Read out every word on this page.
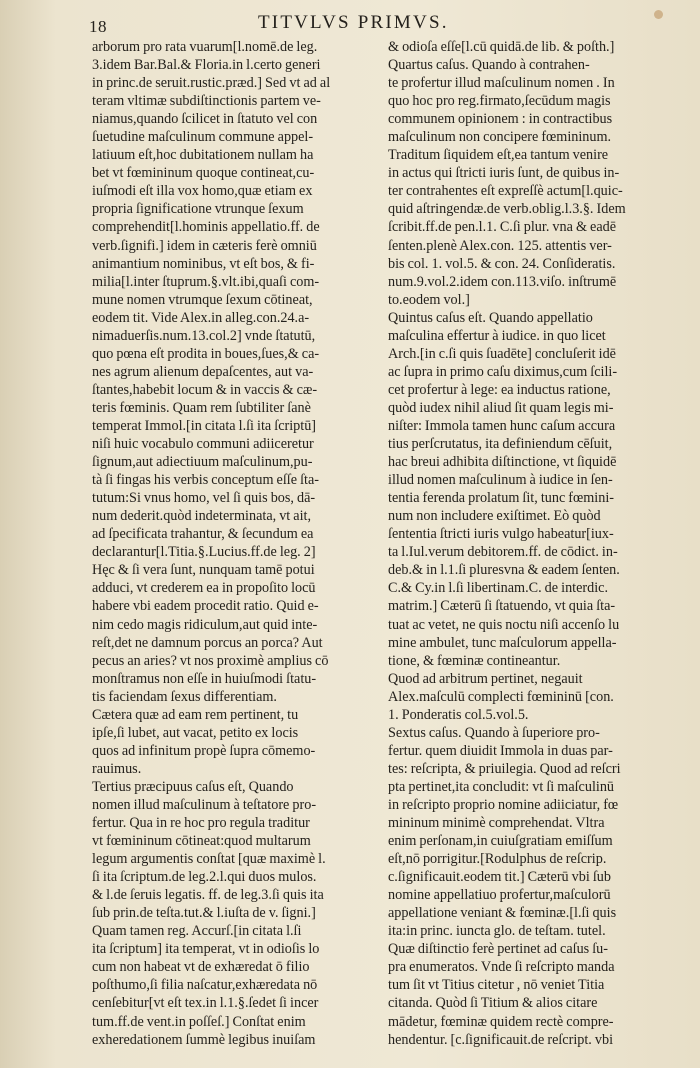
18	TITVLVS PRIMVS.

arborum pro rata vuarum[l.nomē.de leg.
3.idem Bar.Bal.& Floria.in l.certo generi
in princ.de seruit.rustic.præd.] Sed vt ad al
teram vltimæ subdiſtinctionis partem ve-
niamus,quando ſcilicet in ſtatuto vel con
ſuetudine maſculinum commune appel-
latiuum eſt,hoc dubitationem nullam ha
bet vt fœmininum quoque contineat,cu-
iuſmodi eſt illa vox homo,quæ etiam ex
propria ſignificatione vtrunque ſexum
comprehendit[l.hominis appellatio.ff. de
verb.ſignifi.] idem in cæteris ferè omniū
animantium nominibus, vt eſt bos, & fi-
milia[l.inter ſtuprum.§.vlt.ibi,quaſi com-
mune nomen vtrumque ſexum cōtineat,
eodem tit. Vide Alex.in alleg.con.24.a-
nimaduerſis.num.13.col.2] vnde ſtatutū,
quo pœna eſt prodita in boues,ſues,& ca-
nes agrum alienum depaſcentes, aut va-
ſtantes,habebit locum & in vaccis & cæ-
teris fœminis. Quam rem ſubtiliter ſanè
temperat Immol.[in citata l.ſi ita ſcriptū]
niſi huic vocabulo communi adiiceretur
ſignum,aut adiectiuum maſculinum,pu-
tà ſi fingas his verbis conceptum eſſe ſta-
tutum:Si vnus homo, vel ſi quis bos, dā-
num dederit.quòd indeterminata, vt ait,
ad ſpecificata trahantur, & ſecundum ea
declarantur[l.Titia.§.Lucius.ff.de leg. 2]
Hęc & ſi vera ſunt, nunquam tamē potui
adduci, vt crederem ea in propoſito locū
habere vbi eadem procedit ratio. Quid e-
nim cedo magis ridiculum,aut quid inte-
reſt,det ne damnum porcus an porca? Aut
pecus an aries? vt nos proximè amplius cō
monſtramus non eſſe in huiuſmodi ſtatu-
tis faciendam ſexus differentiam.

Cætera quæ ad eam rem pertinent, tu
ipſe,ſi lubet, aut vacat, petito ex locis
quos ad infinitum propè ſupra cōmemo-
rauimus.

Tertius præcipuus caſus eſt, Quando
nomen illud maſculinum à teſtatore pro-
fertur. Qua in re hoc pro regula traditur
vt fœmininum cōtineat:quod multarum
legum argumentis conſtat [quæ maximè l.
ſi ita ſcriptum.de leg.2.l.qui duos mulos.
& l.de ſeruis legatis. ff. de leg.3.ſi quis ita
ſub prin.de teſta.tut.& l.iuſta de v. ſigni.]

Quam tamen reg. Accurſ.[in citata l.ſi
ita ſcriptum] ita temperat, vt in odioſis lo
cum non habeat vt de exhæredat ō filio
poſthumo,ſi filia naſcatur,exhæredata nō
cenſebitur[vt eſt tex.in l.1.§.ſedet ſi incer
tum.ff.de vent.in poſſeſ.] Conſtat enim
exheredationem ſummè legibus inuiſam

& odioſa eſſe[l.cū quidā.de lib. & poſth.]

Quartus caſus. Quando à contrahen-
te profertur illud maſculinum nomen . In
quo hoc pro reg.firmato,ſecūdum magis
communem opinionem : in contractibus
maſculinum non concipere fœmininum.
Traditum ſiquidem eſt,ea tantum venire
in actus qui ſtricti iuris ſunt, de quibus in-
ter contrahentes eſt expreſſè actum[l.quic-
quid aſtringendæ.de verb.oblig.l.3.§. Idem
ſcribit.ff.de pen.l.1. C.ſi plur. vna & eadē
ſenten.plenè Alex.con. 125. attentis ver-
bis col. 1. vol.5. & con. 24. Conſideratis.
num.9.vol.2.idem con.113.viſo. inſtrumē
to.eodem vol.]

Quintus caſus eſt. Quando appellatio
maſculina effertur à iudice. in quo licet
Arch.[in c.ſi quis ſuadēte] concluſerit idē
ac ſupra in primo caſu diximus,cum ſcili-
cet profertur à lege: ea inductus ratione,
quòd iudex nihil aliud ſit quam legis mi-
niſter: Immola tamen hunc caſum accura
tius perſcrutatus, ita definiendum cēſuit,
hac breui adhibita diſtinctione, vt ſiquidē
illud nomen maſculinum à iudice in ſen-
tentia ferenda prolatum ſit, tunc fœmini-
num non includere exiſtimet. Eò quòd
ſententia ſtricti iuris vulgo habeatur[iux-
ta l.Iul.verum debitorem.ff. de cōdict. in-
deb.& in l.1.ſi pluresvna & eadem ſenten.
C.& Cy.in l.ſi libertinam.C. de interdic.
matrim.] Cæterū ſi ſtatuendo, vt quia ſta-
tuat ac vetet, ne quis noctu niſi accenſo lu
mine ambulet, tunc maſculorum appella-
tione, & fœminæ contineantur.

Quod ad arbitrum pertinet, negauit
Alex.maſculū complecti fœmininū [con.
1. Ponderatis col.5.vol.5.

Sextus caſus. Quando à ſuperiore pro-
fertur. quem diuidit Immola in duas par-
tes: reſcripta, & priuilegia. Quod ad reſcri
pta pertinet,ita concludit: vt ſi maſculinū
in reſcripto proprio nomine adiiciatur, fœ
mininum minimè comprehendat. Vltra
enim perſonam,in cuiuſgratiam emiſſum
eſt,nō porrigitur.[Rodulphus de reſcrip.
c.ſignificauit.eodem tit.] Cæterū vbi ſub
nomine appellatiuo profertur,maſculorū
appellatione veniant & fœminæ.[l.ſi quis
ita:in princ. iuncta glo. de teſtam. tutel.
Quæ diſtinctio ferè pertinet ad caſus ſu-
pra enumeratos. Vnde ſi reſcripto manda
tum ſit vt Titius citetur , nō veniet Titia
citanda. Quòd ſi Titium & alios citare
mādetur, fœminæ quidem rectè compre-
hendentur. [c.ſignificauit.de reſcript. vbi
